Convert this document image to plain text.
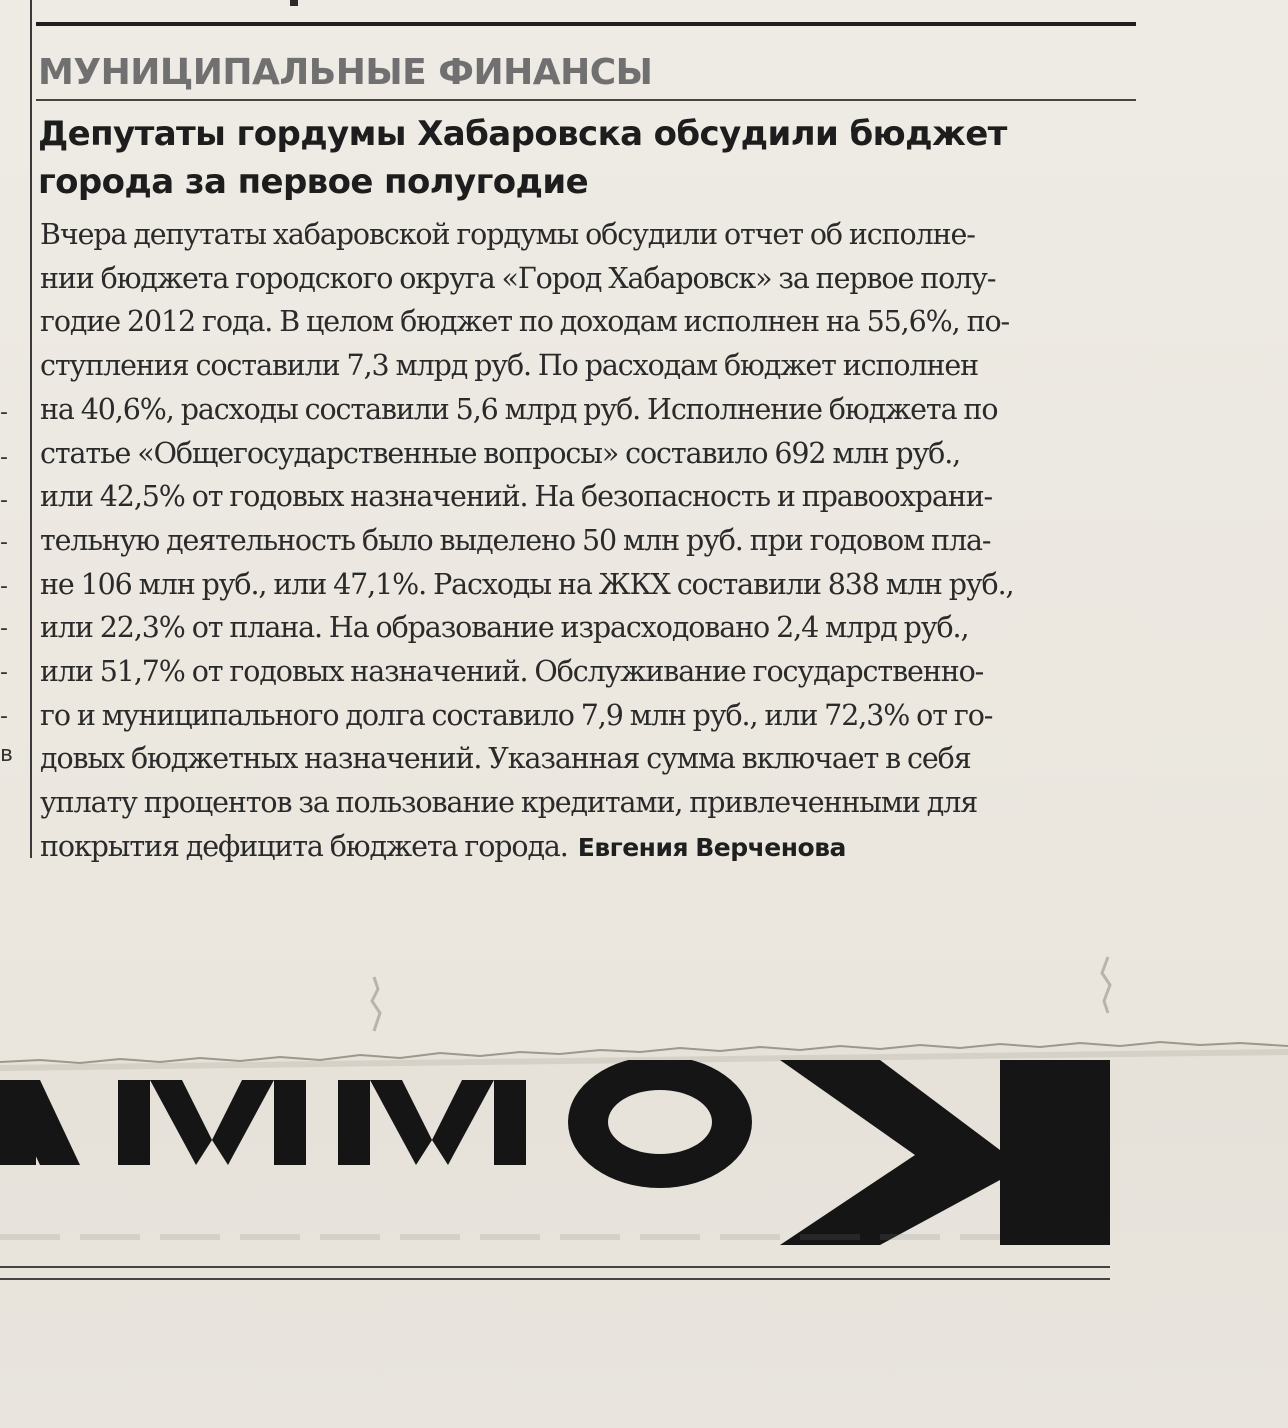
-
-
-
-
-
-
-
-
в
МУНИЦИПАЛЬНЫЕ ФИНАНСЫ
Депутаты гордумы Хабаровска обсудили бюджет
города за первое полугодие
Вчера депутаты хабаровской гордумы обсудили отчет об исполне-
нии бюджета городского округа «Город Хабаровск» за первое полу-
годие 2012 года. В целом бюджет по доходам исполнен на 55,6%, по-
ступления составили 7,3 млрд руб. По расходам бюджет исполнен
на 40,6%, расходы составили 5,6 млрд руб. Исполнение бюджета по
статье «Общегосударственные вопросы» составило 692 млн руб.,
или 42,5% от годовых назначений. На безопасность и правоохрани-
тельную деятельность было выделено 50 млн руб. при годовом пла-
не 106 млн руб., или 47,1%. Расходы на ЖКХ составили 838 млн руб.,
или 22,3% от плана. На образование израсходовано 2,4 млрд руб.,
или 51,7% от годовых назначений. Обслуживание государственно-
го и муниципального долга составило 7,9 млн руб., или 72,3% от го-
довых бюджетных назначений. Указанная сумма включает в себя
уплату процентов за пользование кредитами, привлеченными для
покрытия дефицита бюджета города. Евгения Верченова
